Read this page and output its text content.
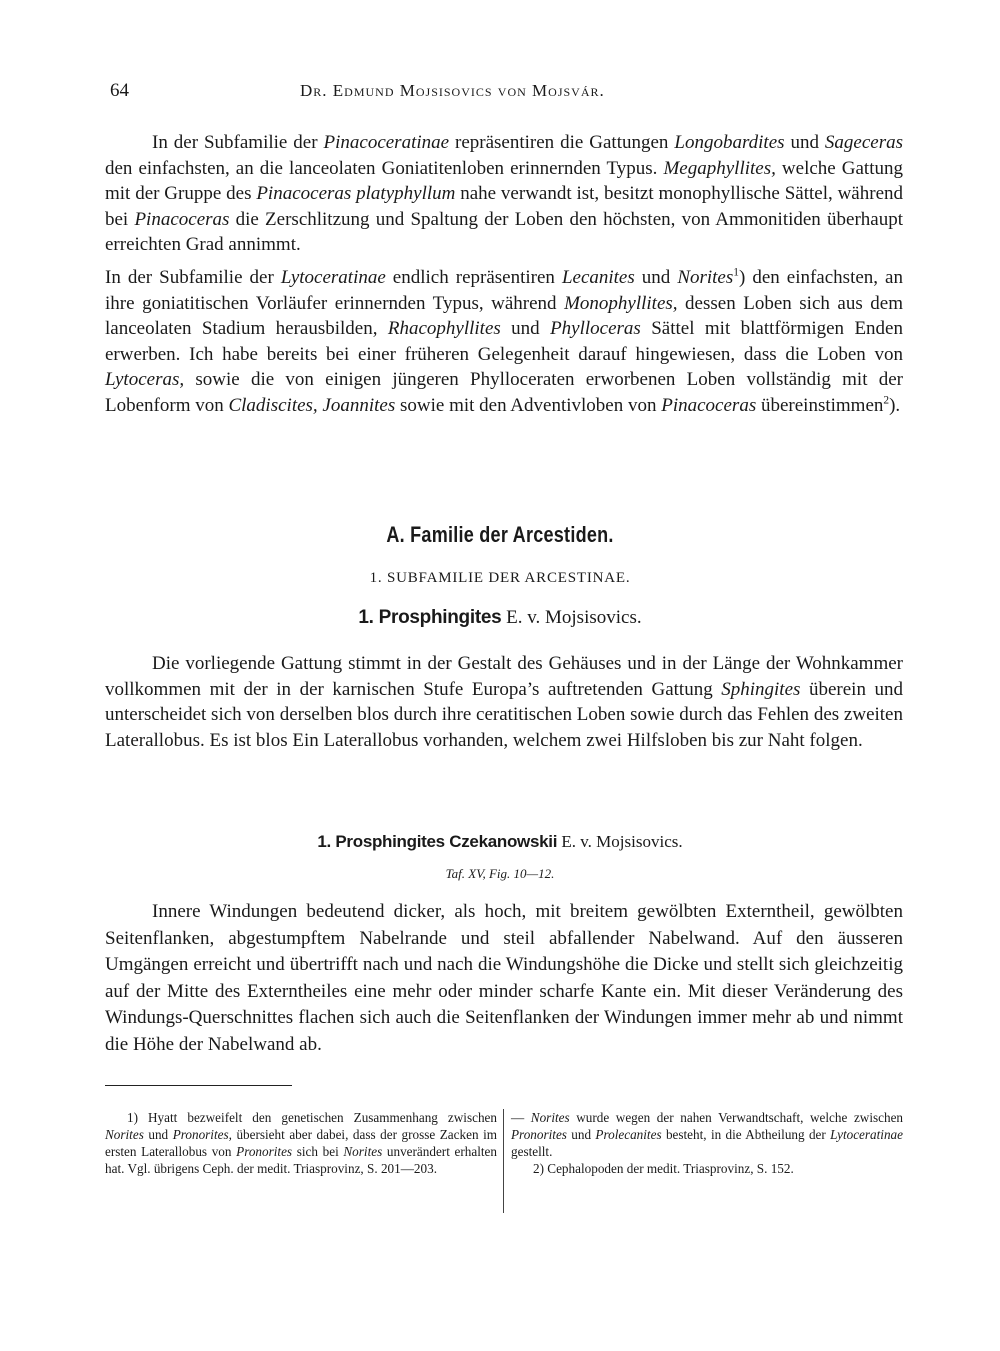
64	Dr. Edmund Mojsisovics von Mojsvár.

In der Subfamilie der Pinacoceratinae repräsentiren die Gattungen Longobardites und Sageceras den einfachsten, an die lanceolaten Goniatitenloben erinnernden Typus. Megaphyllites, welche Gattung mit der Gruppe des Pinacoceras platyphyllum nahe verwandt ist, besitzt monophyllische Sättel, während bei Pinacoceras die Zerschlitzung und Spaltung der Loben den höchsten, von Ammonitiden überhaupt erreichten Grad annimmt.

In der Subfamilie der Lytoceratinae endlich repräsentiren Lecanites und Norites$^1$) den einfachsten, an ihre goniatitischen Vorläufer erinnernden Typus, während Monophyllites, dessen Loben sich aus dem lanceolaten Stadium herausbilden, Rhacophyllites und Phylloceras Sättel mit blattförmigen Enden erwerben. Ich habe bereits bei einer früheren Gelegenheit darauf hingewiesen, dass die Loben von Lytoceras, sowie die von einigen jüngeren Phylloceraten erworbenen Loben vollständig mit der Lobenform von Cladiscites, Joannites sowie mit den Adventivloben von Pinacoceras übereinstimmen$^2$).

A. Familie der Arcestiden.
1. SUBFAMILIE DER ARCESTINAE.
1. Prosphingites E. v. Mojsisovics.

Die vorliegende Gattung stimmt in der Gestalt des Gehäuses und in der Länge der Wohnkammer vollkommen mit der in der karnischen Stufe Europa’s auftretenden Gattung Sphingites überein und unterscheidet sich von derselben blos durch ihre ceratitischen Loben sowie durch das Fehlen des zweiten Laterallobus. Es ist blos Ein Laterallobus vorhanden, welchem zwei Hilfsloben bis zur Naht folgen.

1. Prosphingites Czekanowskii E. v. Mojsisovics.
Taf. XV, Fig. 10—12.

Innere Windungen bedeutend dicker, als hoch, mit breitem gewölbten Externtheil, gewölbten Seitenflanken, abgestumpftem Nabelrande und steil abfallender Nabelwand. Auf den äusseren Umgängen erreicht und übertrifft nach und nach die Windungshöhe die Dicke und stellt sich gleichzeitig auf der Mitte des Externtheiles eine mehr oder minder scharfe Kante ein. Mit dieser Veränderung des Windungs-Querschnittes flachen sich auch die Seitenflanken der Windungen immer mehr ab und nimmt die Höhe der Nabelwand ab.

1) Hyatt bezweifelt den genetischen Zusammenhang zwischen Norites und Pronorites, übersieht aber dabei, dass der grosse Zacken im ersten Laterallobus von Pronorites sich bei Norites unverändert erhalten hat. Vgl. übrigens Ceph. der medit. Triasprovinz, S. 201—203.

— Norites wurde wegen der nahen Verwandtschaft, welche zwischen Pronorites und Prolecanites besteht, in die Abtheilung der Lytoceratinae gestellt.

2) Cephalopoden der medit. Triasprovinz, S. 152.
